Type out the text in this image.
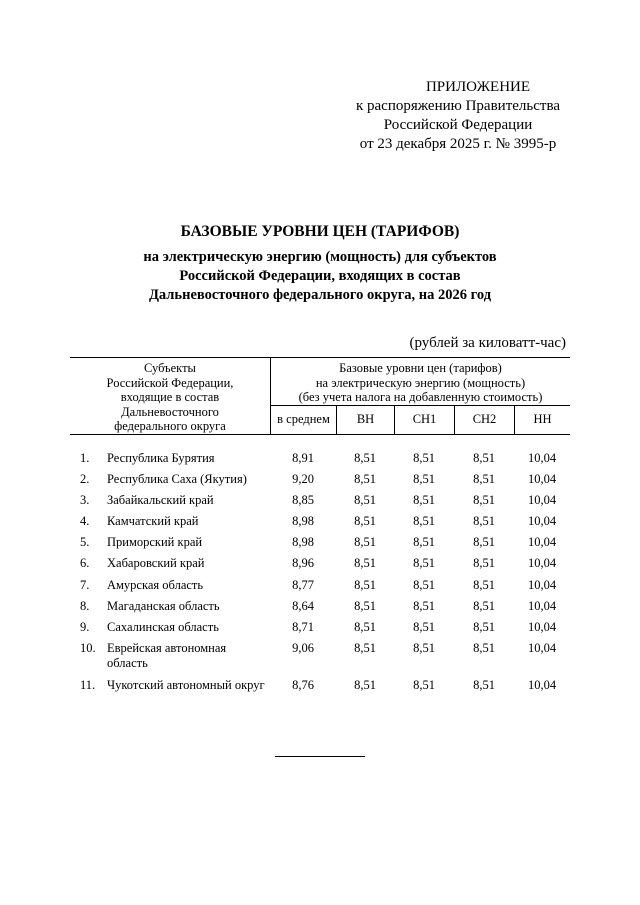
ПРИЛОЖЕНИЕ
к распоряжению Правительства
Российской Федерации
от 23 декабря 2025 г. № 3995-р
БАЗОВЫЕ УРОВНИ ЦЕН (ТАРИФОВ)
на электрическую энергию (мощность) для субъектов
Российской Федерации, входящих в состав
Дальневосточного федерального округа, на 2026 год
(рублей за киловатт-час)
Субъекты
Российской Федерации,
входящие в состав
Дальневосточного
федерального округа
Базовые уровни цен (тарифов)
на электрическую энергию (мощность)
(без учета налога на добавленную стоимость)
в среднем	ВН	СН1	СН2	НН
1. Республика Бурятия	8,91	8,51	8,51	8,51	10,04
2. Республика Саха (Якутия)	9,20	8,51	8,51	8,51	10,04
3. Забайкальский край	8,85	8,51	8,51	8,51	10,04
4. Камчатский край	8,98	8,51	8,51	8,51	10,04
5. Приморский край	8,98	8,51	8,51	8,51	10,04
6. Хабаровский край	8,96	8,51	8,51	8,51	10,04
7. Амурская область	8,77	8,51	8,51	8,51	10,04
8. Магаданская область	8,64	8,51	8,51	8,51	10,04
9. Сахалинская область	8,71	8,51	8,51	8,51	10,04
10. Еврейская автономная область
9,06	8,51	8,51	8,51	10,04
11. Чукотский автономный округ	8,76	8,51	8,51	8,51	10,04
